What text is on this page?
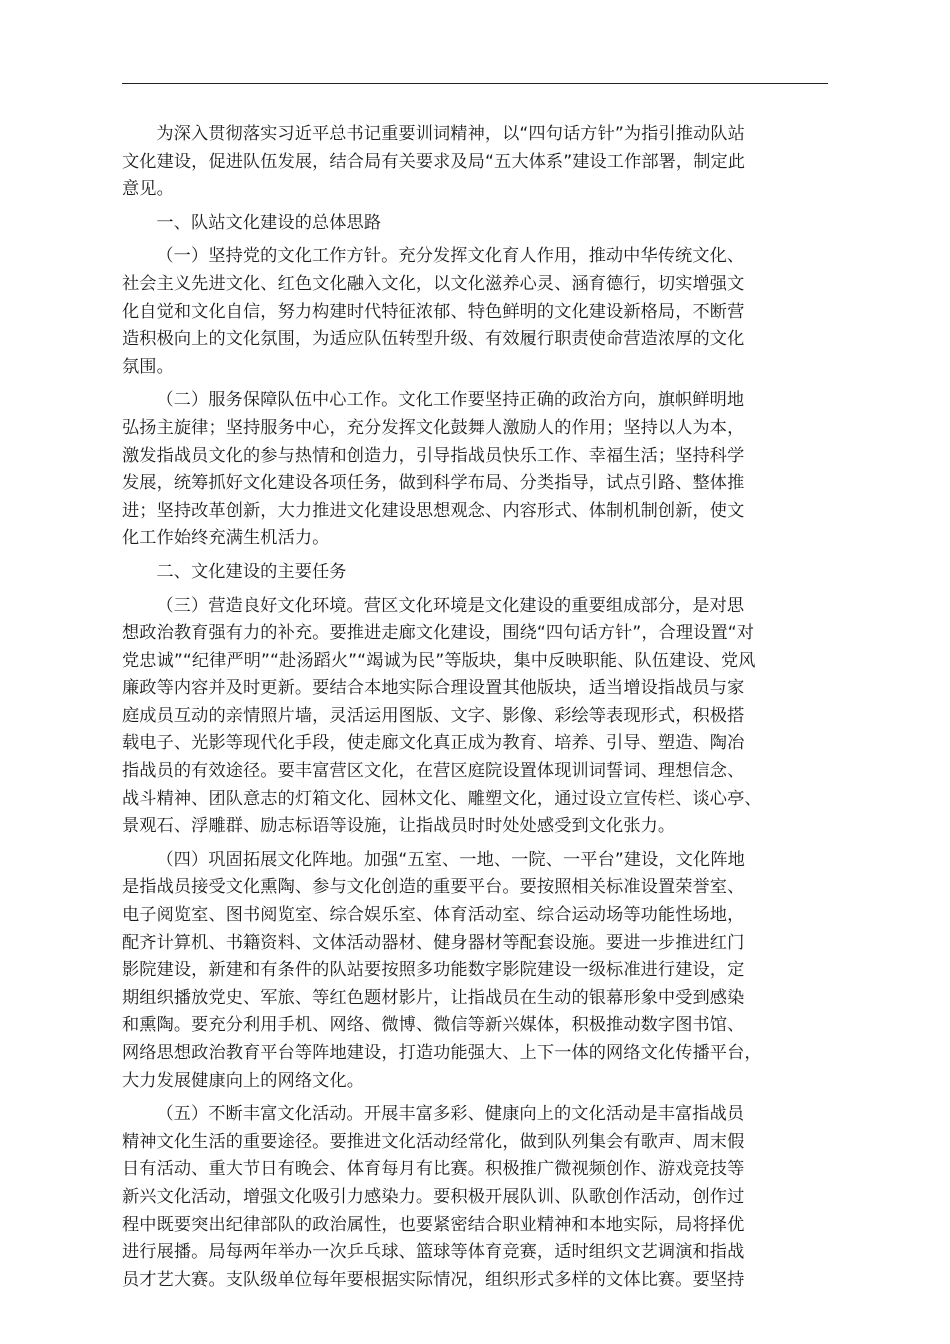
为深入贯彻落实习近平总书记重要训词精神，以“四句话方针”为指引推动队站
文化建设，促进队伍发展，结合局有关要求及局“五大体系”建设工作部署，制定此
意见。

一、队站文化建设的总体思路

（一）坚持党的文化工作方针。充分发挥文化育人作用，推动中华传统文化、
社会主义先进文化、红色文化融入文化，以文化滋养心灵、涵育德行，切实增强文
化自觉和文化自信，努力构建时代特征浓郁、特色鲜明的文化建设新格局，不断营
造积极向上的文化氛围，为适应队伍转型升级、有效履行职责使命营造浓厚的文化
氛围。

（二）服务保障队伍中心工作。文化工作要坚持正确的政治方向，旗帜鲜明地
弘扬主旋律；坚持服务中心，充分发挥文化鼓舞人激励人的作用；坚持以人为本，
激发指战员文化的参与热情和创造力，引导指战员快乐工作、幸福生活；坚持科学
发展，统筹抓好文化建设各项任务，做到科学布局、分类指导，试点引路、整体推
进；坚持改革创新，大力推进文化建设思想观念、内容形式、体制机制创新，使文
化工作始终充满生机活力。

二、文化建设的主要任务

（三）营造良好文化环境。营区文化环境是文化建设的重要组成部分，是对思
想政治教育强有力的补充。要推进走廊文化建设，围绕“四句话方针”，合理设置“对
党忠诚”“纪律严明”“赴汤蹈火”“竭诚为民”等版块，集中反映职能、队伍建设、党风
廉政等内容并及时更新。要结合本地实际合理设置其他版块，适当增设指战员与家
庭成员互动的亲情照片墙，灵活运用图版、文字、影像、彩绘等表现形式，积极搭
载电子、光影等现代化手段，使走廊文化真正成为教育、培养、引导、塑造、陶冶
指战员的有效途径。要丰富营区文化，在营区庭院设置体现训词誓词、理想信念、
战斗精神、团队意志的灯箱文化、园林文化、雕塑文化，通过设立宣传栏、谈心亭、
景观石、浮雕群、励志标语等设施，让指战员时时处处感受到文化张力。

（四）巩固拓展文化阵地。加强“五室、一地、一院、一平台”建设，文化阵地
是指战员接受文化熏陶、参与文化创造的重要平台。要按照相关标准设置荣誉室、
电子阅览室、图书阅览室、综合娱乐室、体育活动室、综合运动场等功能性场地，
配齐计算机、书籍资料、文体活动器材、健身器材等配套设施。要进一步推进红门
影院建设，新建和有条件的队站要按照多功能数字影院建设一级标准进行建设，定
期组织播放党史、军旅、等红色题材影片，让指战员在生动的银幕形象中受到感染
和熏陶。要充分利用手机、网络、微博、微信等新兴媒体，积极推动数字图书馆、
网络思想政治教育平台等阵地建设，打造功能强大、上下一体的网络文化传播平台，
大力发展健康向上的网络文化。

（五）不断丰富文化活动。开展丰富多彩、健康向上的文化活动是丰富指战员
精神文化生活的重要途径。要推进文化活动经常化，做到队列集会有歌声、周末假
日有活动、重大节日有晚会、体育每月有比赛。积极推广微视频创作、游戏竞技等
新兴文化活动，增强文化吸引力感染力。要积极开展队训、队歌创作活动，创作过
程中既要突出纪律部队的政治属性，也要紧密结合职业精神和本地实际，局将择优
进行展播。局每两年举办一次乒乓球、篮球等体育竞赛，适时组织文艺调演和指战
员才艺大赛。支队级单位每年要根据实际情况，组织形式多样的文体比赛。要坚持
